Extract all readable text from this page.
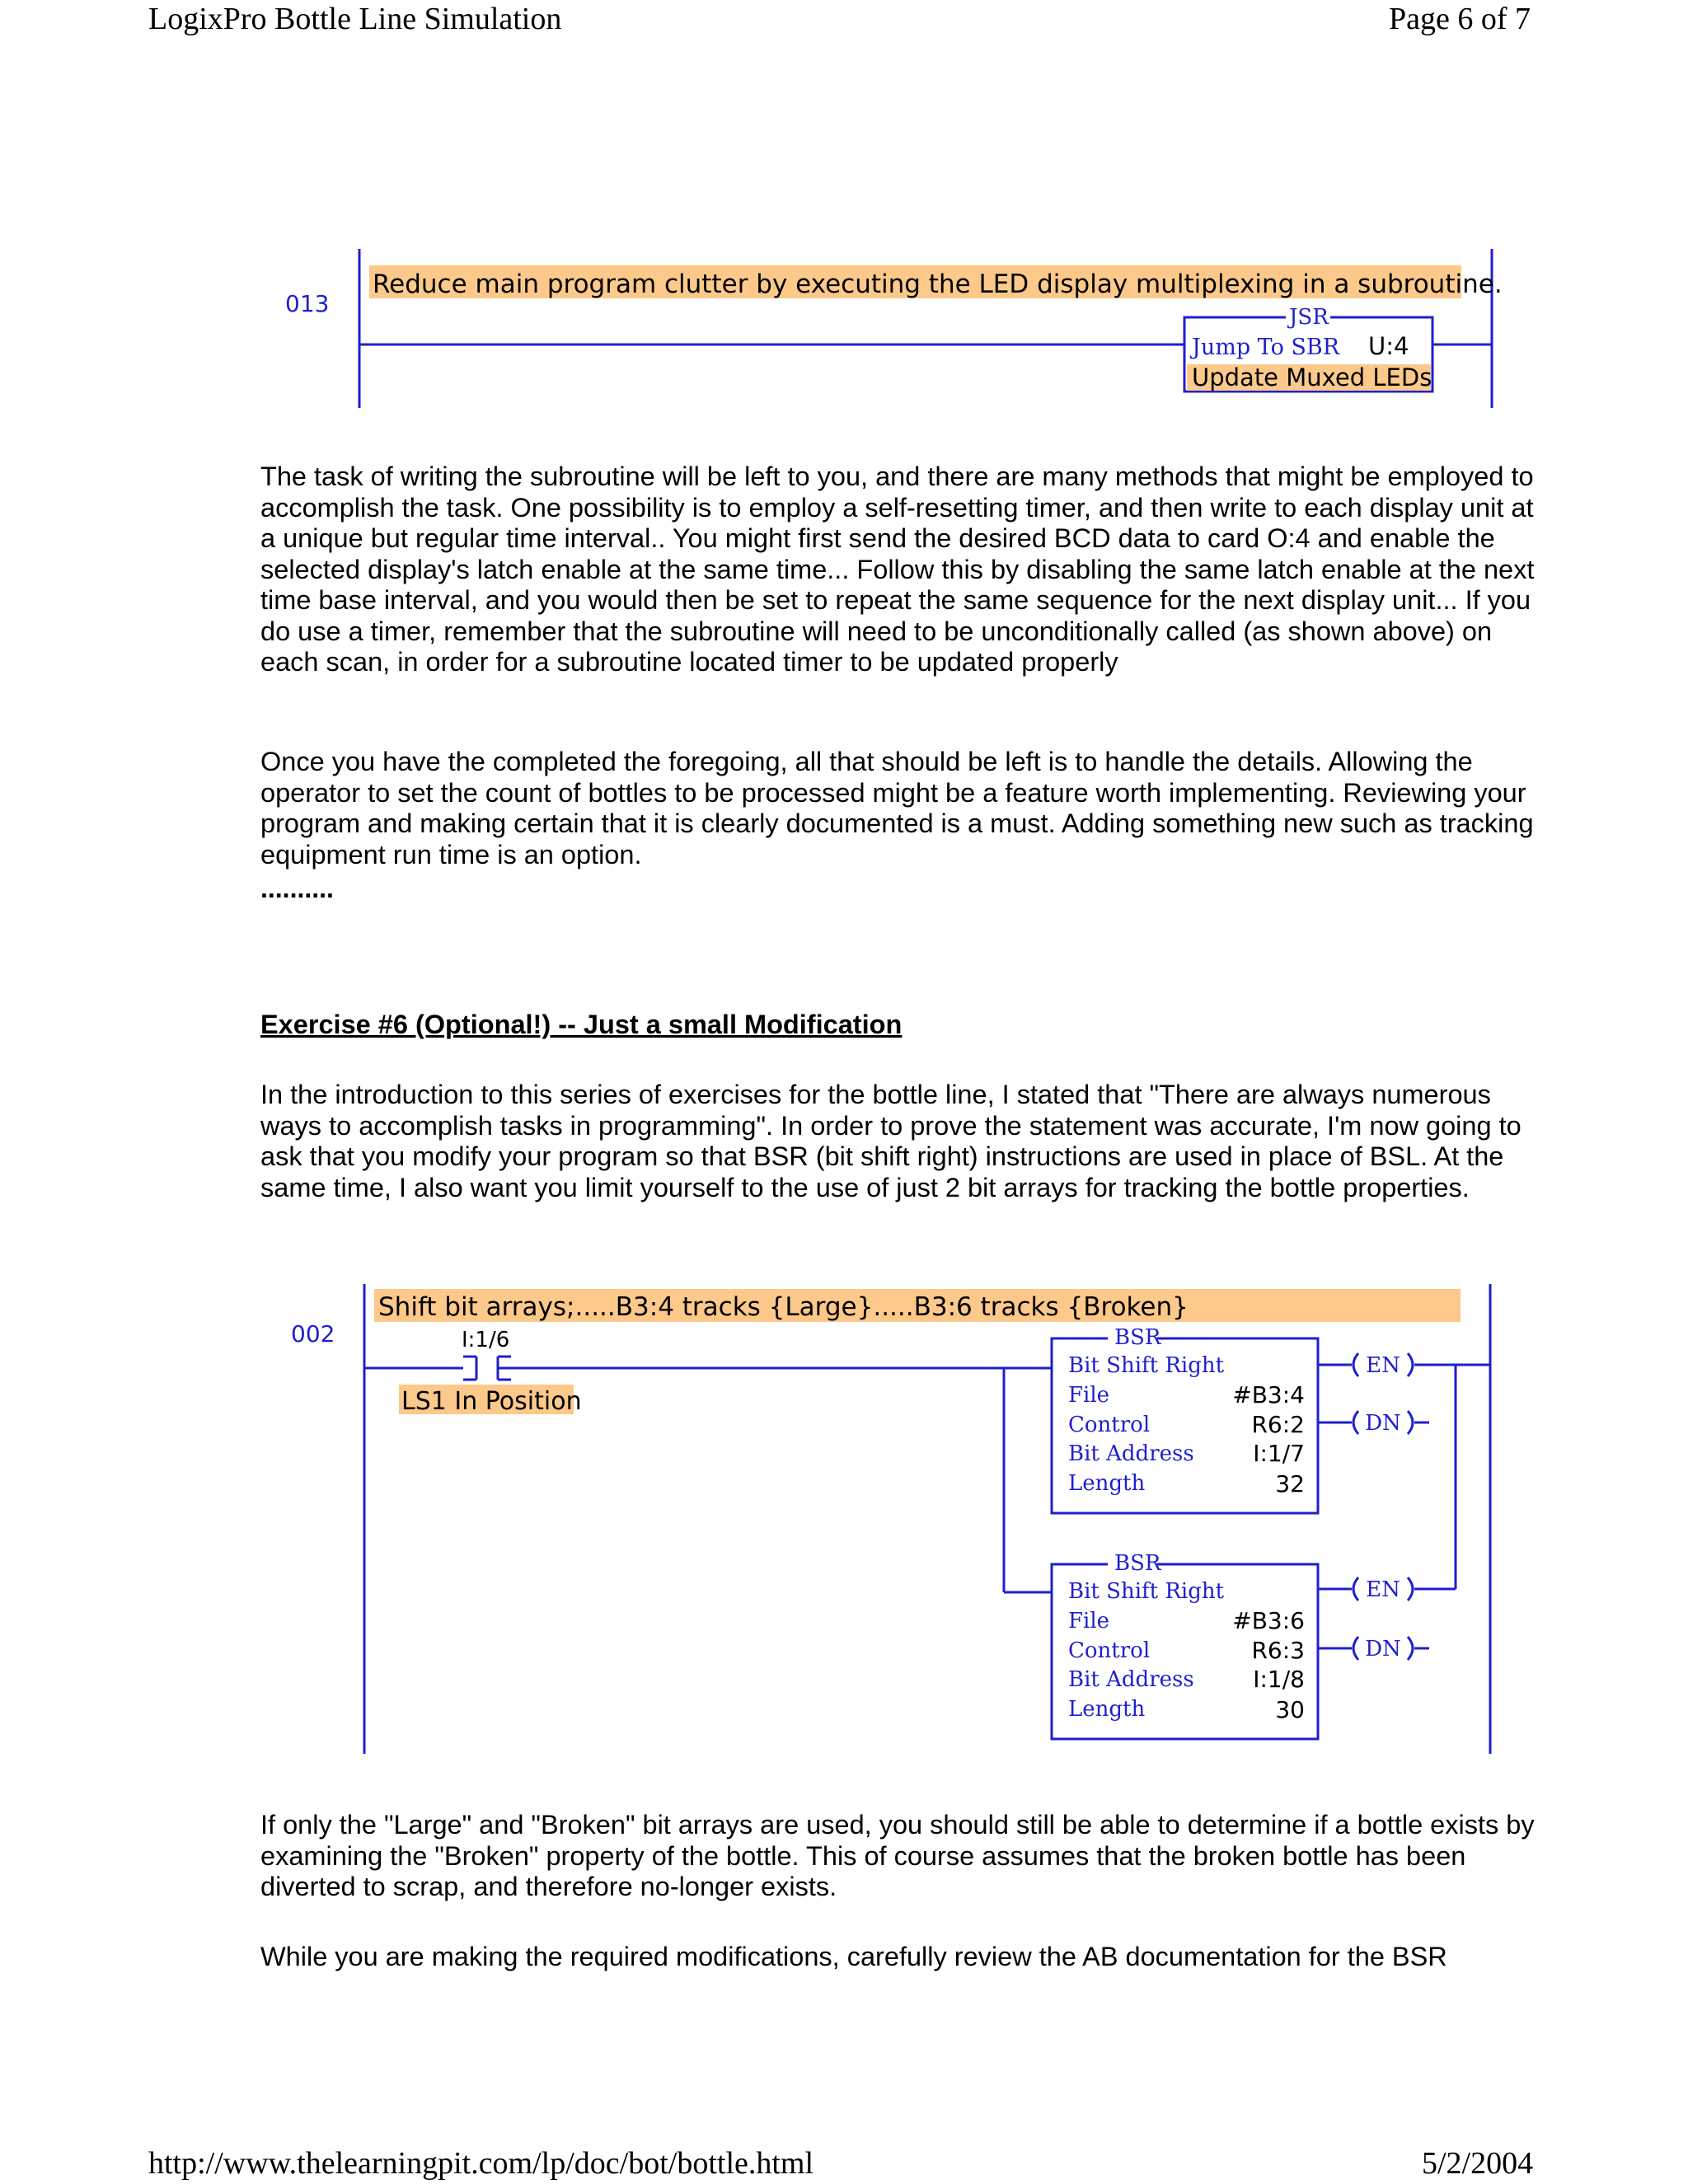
LogixPro Bottle Line Simulation	Page 6 of 7
Reduce main program clutter by executing the LED display multiplexing in a subroutine.
013	JSR
Jump To SBR U:4
Update Muxed LEDs

The task of writing the subroutine will be left to you, and there are many methods that might be employed to accomplish the task. One possibility is to employ a self-resetting timer, and then write to each display unit at a unique but regular time interval.. You might first send the desired BCD data to card O:4 and enable the selected display's latch enable at the same time... Follow this by disabling the same latch enable at the next time base interval, and you would then be set to repeat the same sequence for the next display unit... If you do use a timer, remember that the subroutine will need to be unconditionally called (as shown above) on each scan, in order for a subroutine located timer to be updated properly

Once you have the completed the foregoing, all that should be left is to handle the details. Allowing the operator to set the count of bottles to be processed might be a feature worth implementing. Reviewing your program and making certain that it is clearly documented is a must. Adding something new such as tracking equipment run time is an option.

..........

Exercise #6 (Optional!) -- Just a small Modification

In the introduction to this series of exercises for the bottle line, I stated that "There are always numerous ways to accomplish tasks in programming". In order to prove the statement was accurate, I'm now going to ask that you modify your program so that BSR (bit shift right) instructions are used in place of BSL. At the same time, I also want you limit yourself to the use of just 2 bit arrays for tracking the bottle properties.

Shift bit arrays;.....B3:4 tracks {Large}.....B3:6 tracks {Broken}
002	I:1/6
LS1 In Position
BSR
Bit Shift Right
File	#B3:4
Control	R6:2
Bit Address	I:1/7
Length	32
EN
DN
BSR
Bit Shift Right
File	#B3:6
Control	R6:3
Bit Address	I:1/8
Length	30
EN
DN

If only the "Large" and "Broken" bit arrays are used, you should still be able to determine if a bottle exists by examining the "Broken" property of the bottle. This of course assumes that the broken bottle has been diverted to scrap, and therefore no-longer exists.

While you are making the required modifications, carefully review the AB documentation for the BSR

http://www.thelearningpit.com/lp/doc/bot/bottle.html	5/2/2004
